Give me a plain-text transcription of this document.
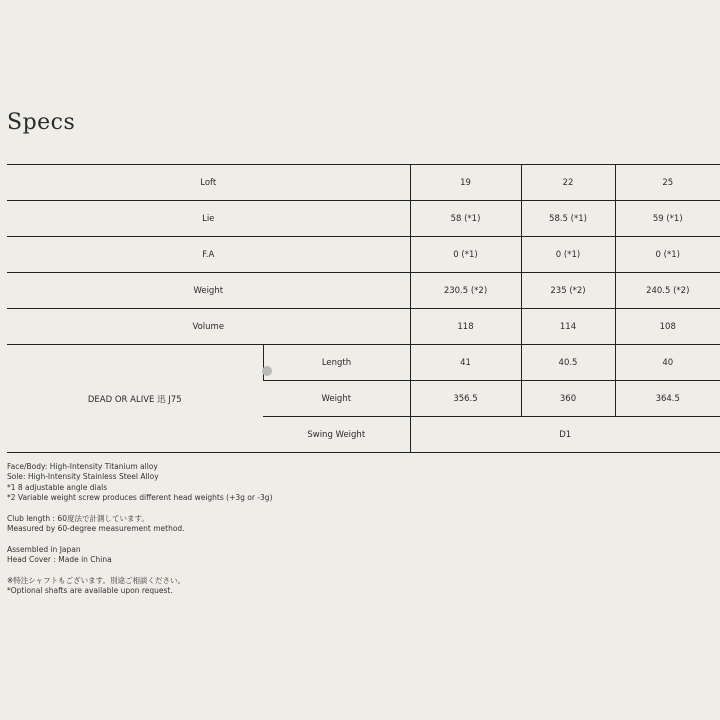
Specs
Loft		19	22	25
Lie		58 (*1)	58.5 (*1)	59 (*1)
F.A		0 (*1)	0 (*1)	0 (*1)
Weight		230.5 (*2)	235 (*2)	240.5 (*2)
Volume		118	114	108
DEAD OR ALIVE 迅 J75	Length	41	40.5	40
	Weight	356.5	360	364.5
	Swing Weight	D1		
Face/Body: High-Intensity Titanium alloy
Sole: High-Intensity Stainless Steel Alloy
*1 8 adjustable angle dials
*2 Variable weight screw produces different head weights (+3g or -3g)
Club length : 60度法で計測しています。
Measured by 60-degree measurement method.
Assembled in Japan
Head Cover : Made in China
※特注シャフトもございます。別途ご相談ください。
*Optional shafts are available upon request.
